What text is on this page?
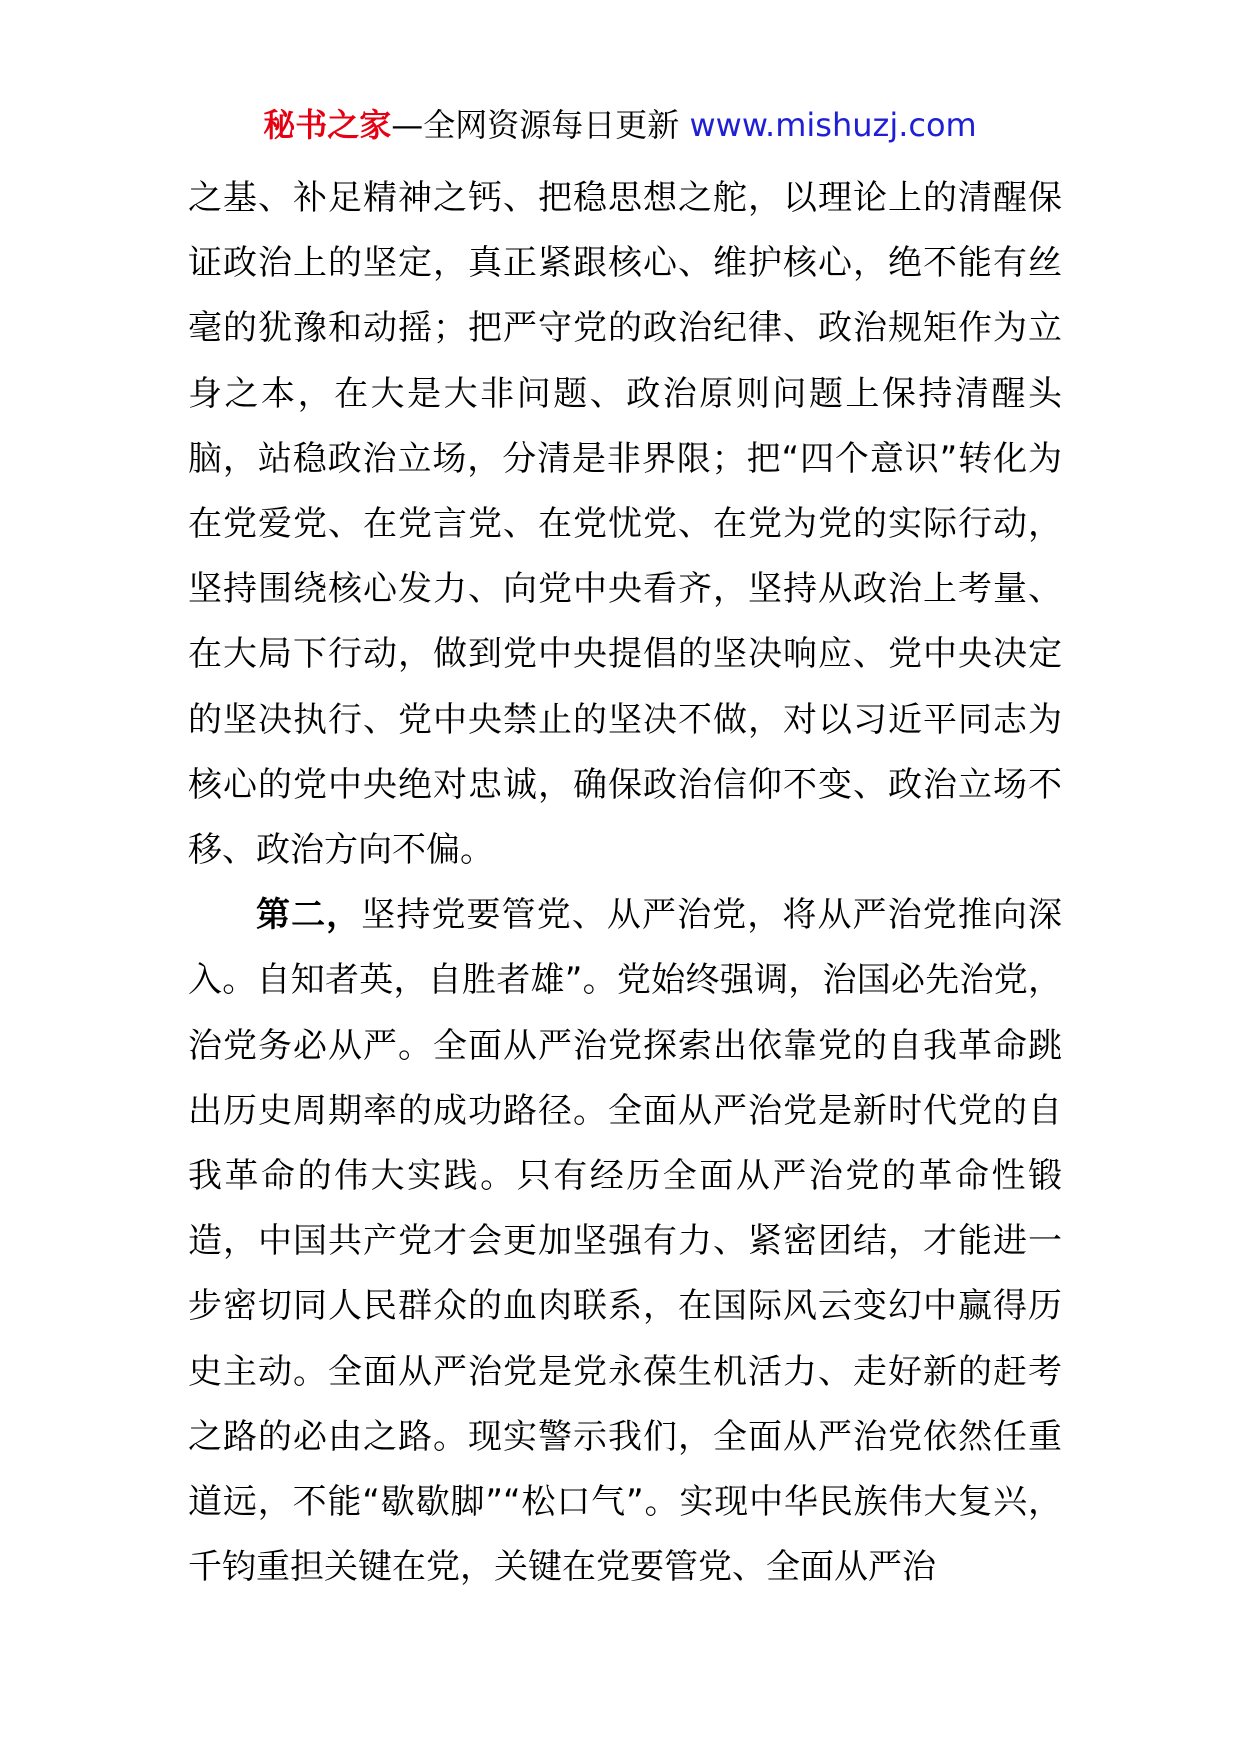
秘书之家—全网资源每日更新 www.mishuzj.com

之基、补足精神之钙、把稳思想之舵，以理论上的清醒保证政治上的坚定，真正紧跟核心、维护核心，绝不能有丝毫的犹豫和动摇；把严守党的政治纪律、政治规矩作为立身之本，在大是大非问题、政治原则问题上保持清醒头脑，站稳政治立场，分清是非界限；把“四个意识”转化为在党爱党、在党言党、在党忧党、在党为党的实际行动，坚持围绕核心发力、向党中央看齐，坚持从政治上考量、在大局下行动，做到党中央提倡的坚决响应、党中央决定的坚决执行、党中央禁止的坚决不做，对以习近平同志为核心的党中央绝对忠诚，确保政治信仰不变、政治立场不移、政治方向不偏。

第二，坚持党要管党、从严治党，将从严治党推向深入。自知者英，自胜者雄”。党始终强调，治国必先治党，治党务必从严。全面从严治党探索出依靠党的自我革命跳出历史周期率的成功路径。全面从严治党是新时代党的自我革命的伟大实践。只有经历全面从严治党的革命性锻造，中国共产党才会更加坚强有力、紧密团结，才能进一步密切同人民群众的血肉联系，在国际风云变幻中赢得历史主动。全面从严治党是党永葆生机活力、走好新的赶考之路的必由之路。现实警示我们，全面从严治党依然任重道远，不能“歇歇脚”“松口气”。实现中华民族伟大复兴，千钧重担关键在党，关键在党要管党、全面从严治
